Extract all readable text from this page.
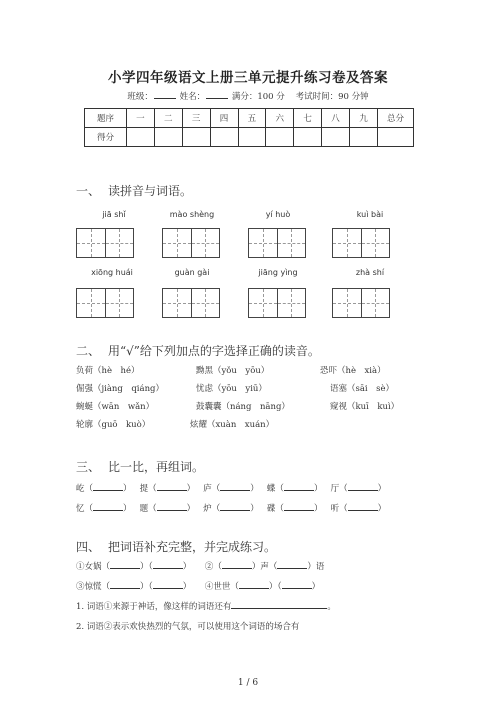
小学四年级语文上册三单元提升练习卷及答案
班级：	姓名：	满分：100 分 考试时间：90 分钟
题序	一	二	三	四	五	六	七	八	九	总分
得分										
一、 读拼音与词语。
jiā shǐ	mào shèng	yí huò	kuì bài
xiōng huái	guàn gài	jiāng yìng	zhà shí
二、 用“√”给下列加点的字选择正确的读音。
负荷（hè　hé）	黝黑（yǒu　yōu）	恐吓（hè　xià）
倔强（jiàng　qiáng）	忧虑（yōu　yiū）	语塞（sāi　sè）
蜿蜒（wān　wǎn）	鼓囊囊（náng　nāng）	窥视（kuī　kuì）
轮廓（guō　kuò）	炫耀（xuàn　xuán）
三、 比一比，再组词。
屹（	） 提（	） 庐（	） 蝶（	） 厅（	）
忆（	） 题（	） 炉（	） 碟（	） 听（	）
四、 把词语补充完整，并完成练习。
①女娲（	）（	） ②（	）声（	）语
③惊慌（	）（	） ④世世（	）（	）
1. 词语①来源于神话，像这样的词语还有	。
2. 词语②表示欢快热烈的气氛，可以使用这个词语的场合有
1 / 6
